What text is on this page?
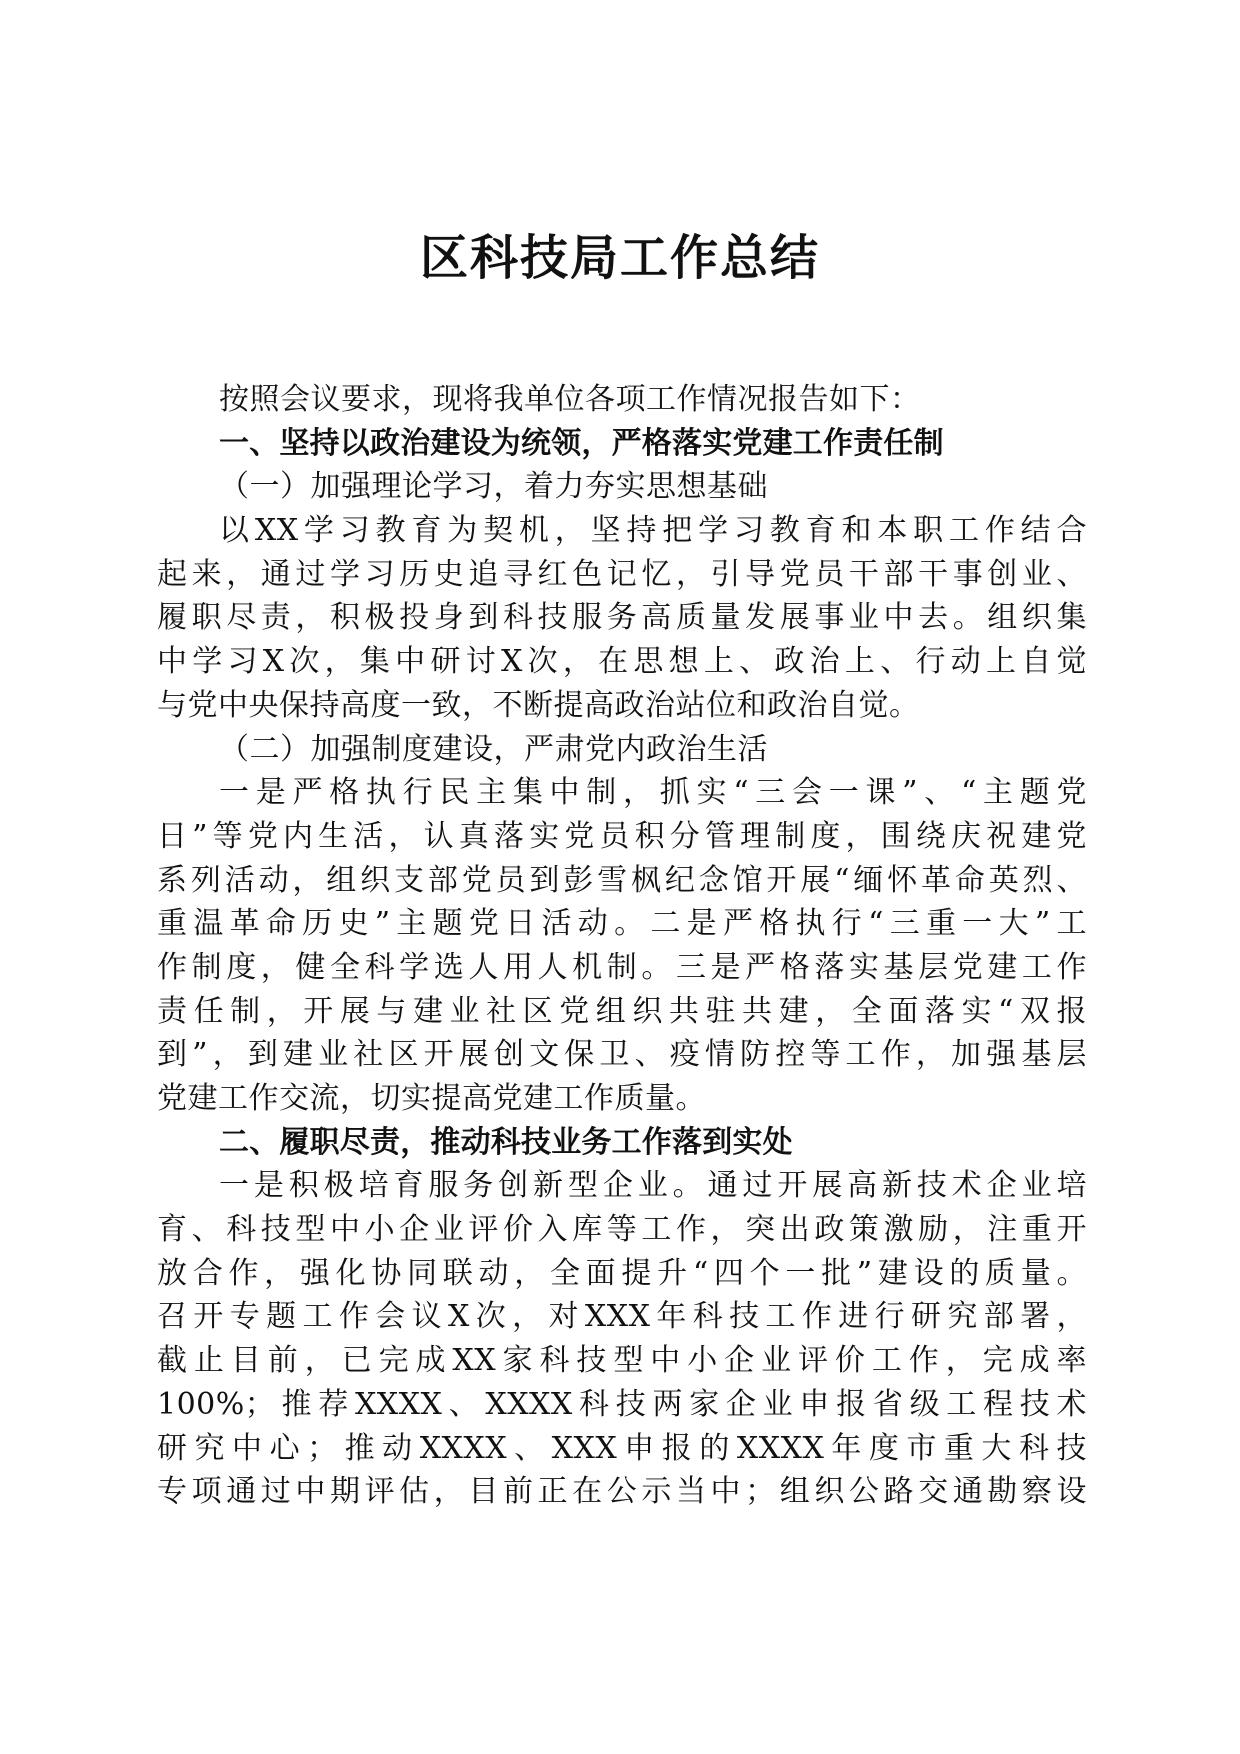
区科技局工作总结
按照会议要求，现将我单位各项工作情况报告如下：
一、坚持以政治建设为统领，严格落实党建工作责任制
（一）加强理论学习，着力夯实思想基础
以XX学习教育为契机，坚持把学习教育和本职工作结合
起来，通过学习历史追寻红色记忆，引导党员干部干事创业、
履职尽责，积极投身到科技服务高质量发展事业中去。组织集
中学习X次，集中研讨X次，在思想上、政治上、行动上自觉
与党中央保持高度一致，不断提高政治站位和政治自觉。
（二）加强制度建设，严肃党内政治生活
一是严格执行民主集中制，抓实“三会一课”、“主题党
日”等党内生活，认真落实党员积分管理制度，围绕庆祝建党
系列活动，组织支部党员到彭雪枫纪念馆开展“缅怀革命英烈、
重温革命历史”主题党日活动。二是严格执行“三重一大”工
作制度，健全科学选人用人机制。三是严格落实基层党建工作
责任制，开展与建业社区党组织共驻共建，全面落实“双报
到”，到建业社区开展创文保卫、疫情防控等工作，加强基层
党建工作交流，切实提高党建工作质量。
二、履职尽责，推动科技业务工作落到实处
一是积极培育服务创新型企业。通过开展高新技术企业培
育、科技型中小企业评价入库等工作，突出政策激励，注重开
放合作，强化协同联动，全面提升“四个一批”建设的质量。
召开专题工作会议X次，对XXX年科技工作进行研究部署，
截止目前，已完成XX家科技型中小企业评价工作，完成率
100%；推荐XXXX、XXXX科技两家企业申报省级工程技术
研究中心；推动XXXX、XXX申报的XXXX年度市重大科技
专项通过中期评估，目前正在公示当中；组织公路交通勘察设
